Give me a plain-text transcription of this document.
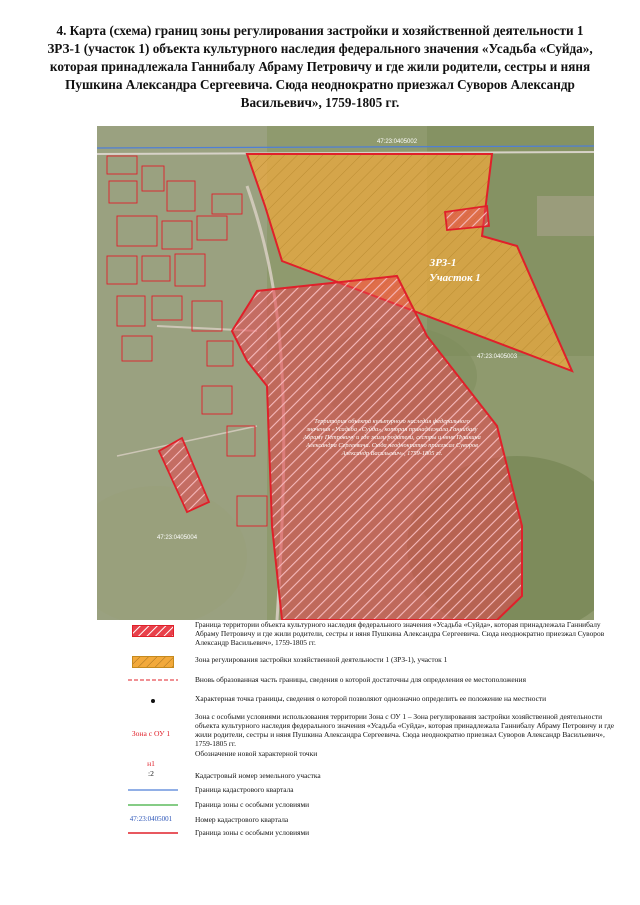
4. Карта (схема) границ зоны регулирования застройки и хозяйственной деятельности 1 ЗРЗ-1 (участок 1) объекта культурного наследия федерального значения «Усадьба «Суйда», которая принадлежала Ганнибалу Абраму Петровичу и где жили родители, сестры и няня Пушкина Александра Сергеевича. Сюда неоднократно приезжал Суворов Александр Васильевич», 1759-1805 гг.
47:23:0405002
47:23:0405004
47:23:0405003
ЗРЗ-1
Участок 1
Территория объекта культурного наследия федерального значения «Усадьба «Суйда», которая принадлежала Ганнибалу Абраму Петровичу и где жили родители, сестры и няня Пушкина Александра Сергеевича. Сюда неоднократно приезжал Суворов Александр Васильевич», 1759-1805 гг.
Граница территории объекта культурного наследия федерального значения «Усадьба «Суйда», которая принадлежала Ганнибалу Абраму Петровичу и где жили родители, сестры и няня Пушкина Александра Сергеевича. Сюда неоднократно приезжал Суворов Александр Васильевич», 1759-1805 гг.
Зона регулирования застройки хозяйственной деятельности 1 (ЗРЗ-1), участок 1
Вновь образованная часть границы, сведения о которой достаточны для определения ее местоположения
Характерная точка границы, сведения о которой позволяют однозначно определить ее положение на местности
Зона с ОУ 1
Зона с особыми условиями использования территории Зона с ОУ 1 – Зона регулирования застройки хозяйственной деятельности объекта культурного наследия федерального значения «Усадьба «Суйда», которая принадлежала Ганнибалу Абраму Петровичу и где жили родители, сестры и няня Пушкина Александра Сергеевича. Сюда неоднократно приезжал Суворов Александр Васильевич», 1759-1805 гг.
н1
Обозначение новой характерной точки
:2	Кадастровый номер земельного участка
Граница кадастрового квартала
Граница зоны с особыми условиями
47:23:0405001	Номер кадастрового квартала
Граница зоны с особыми условиями
